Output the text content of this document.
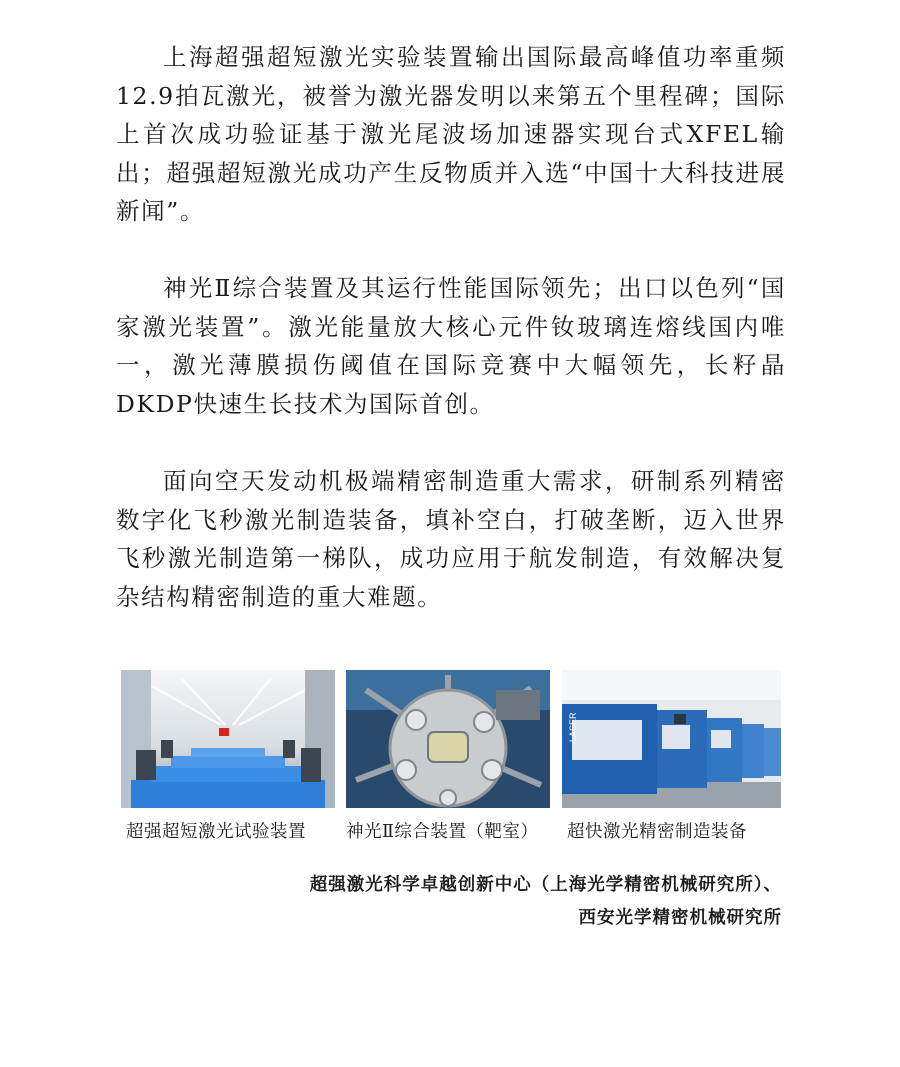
上海超强超短激光实验装置输出国际最高峰值功率重频12.9拍瓦激光，被誉为激光器发明以来第五个里程碑；国际上首次成功验证基于激光尾波场加速器实现台式XFEL输出；超强超短激光成功产生反物质并入选“中国十大科技进展新闻”。

神光Ⅱ综合装置及其运行性能国际领先；出口以色列“国家激光装置”。激光能量放大核心元件钕玻璃连熔线国内唯一，激光薄膜损伤阈值在国际竞赛中大幅领先，长籽晶DKDP快速生长技术为国际首创。

面向空天发动机极端精密制造重大需求，研制系列精密数字化飞秒激光制造装备，填补空白，打破垄断，迈入世界飞秒激光制造第一梯队，成功应用于航发制造，有效解决复杂结构精密制造的重大难题。

LASER
超强超短激光试验装置 神光Ⅱ综合装置（靶室） 超快激光精密制造装备
超强激光科学卓越创新中心（上海光学精密机械研究所）、
西安光学精密机械研究所
